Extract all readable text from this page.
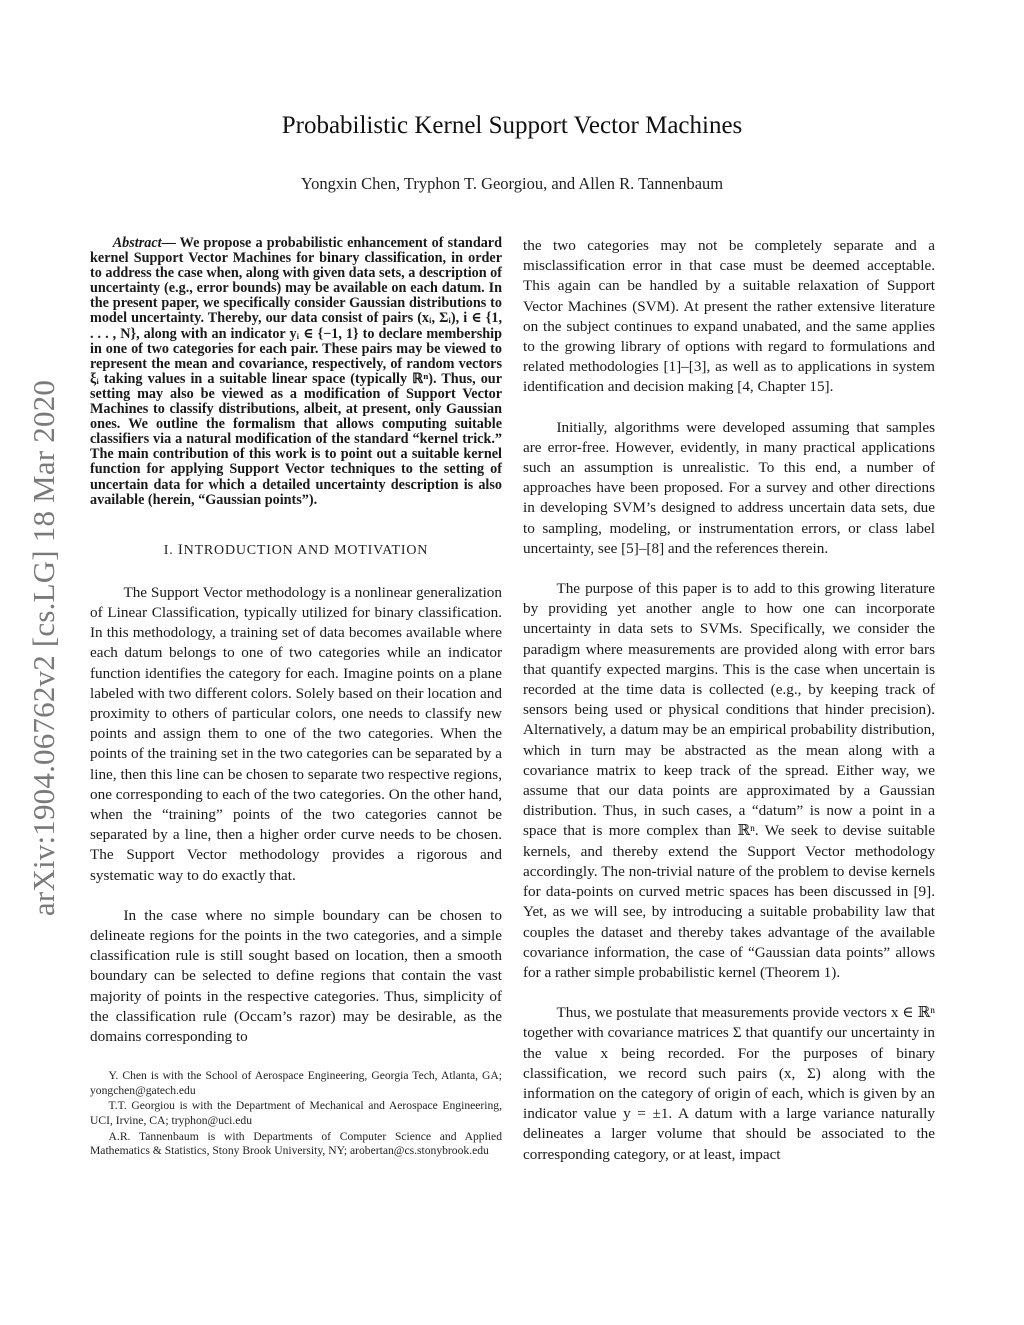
arXiv:1904.06762v2 [cs.LG] 18 Mar 2020
Probabilistic Kernel Support Vector Machines
Yongxin Chen, Tryphon T. Georgiou, and Allen R. Tannenbaum

Abstract— We propose a probabilistic enhancement of standard kernel Support Vector Machines for binary classification, in order to address the case when, along with given data sets, a description of uncertainty (e.g., error bounds) may be available on each datum. In the present paper, we specifically consider Gaussian distributions to model uncertainty. Thereby, our data consist of pairs (xᵢ, Σᵢ), i ∈ {1, . . . , N}, along with an indicator yᵢ ∈ {−1, 1} to declare membership in one of two categories for each pair. These pairs may be viewed to represent the mean and covariance, respectively, of random vectors ξᵢ taking values in a suitable linear space (typically ℝⁿ). Thus, our setting may also be viewed as a modification of Support Vector Machines to classify distributions, albeit, at present, only Gaussian ones. We outline the formalism that allows computing suitable classifiers via a natural modification of the standard “kernel trick.” The main contribution of this work is to point out a suitable kernel function for applying Support Vector techniques to the setting of uncertain data for which a detailed uncertainty description is also available (herein, “Gaussian points”).

I. INTRODUCTION AND MOTIVATION

The Support Vector methodology is a nonlinear generalization of Linear Classification, typically utilized for binary classification. In this methodology, a training set of data becomes available where each datum belongs to one of two categories while an indicator function identifies the category for each. Imagine points on a plane labeled with two different colors. Solely based on their location and proximity to others of particular colors, one needs to classify new points and assign them to one of the two categories. When the points of the training set in the two categories can be separated by a line, then this line can be chosen to separate two respective regions, one corresponding to each of the two categories. On the other hand, when the “training” points of the two categories cannot be separated by a line, then a higher order curve needs to be chosen. The Support Vector methodology provides a rigorous and systematic way to do exactly that.

In the case where no simple boundary can be chosen to delineate regions for the points in the two categories, and a simple classification rule is still sought based on location, then a smooth boundary can be selected to define regions that contain the vast majority of points in the respective categories. Thus, simplicity of the classification rule (Occam’s razor) may be desirable, as the domains corresponding to

Y. Chen is with the School of Aerospace Engineering, Georgia Tech, Atlanta, GA; yongchen@gatech.edu

T.T. Georgiou is with the Department of Mechanical and Aerospace Engineering, UCI, Irvine, CA; tryphon@uci.edu

A.R. Tannenbaum is with Departments of Computer Science and Applied Mathematics & Statistics, Stony Brook University, NY; arobertan@cs.stonybrook.edu

the two categories may not be completely separate and a misclassification error in that case must be deemed acceptable. This again can be handled by a suitable relaxation of Support Vector Machines (SVM). At present the rather extensive literature on the subject continues to expand unabated, and the same applies to the growing library of options with regard to formulations and related methodologies [1]–[3], as well as to applications in system identification and decision making [4, Chapter 15].

Initially, algorithms were developed assuming that samples are error-free. However, evidently, in many practical applications such an assumption is unrealistic. To this end, a number of approaches have been proposed. For a survey and other directions in developing SVM’s designed to address uncertain data sets, due to sampling, modeling, or instrumentation errors, or class label uncertainty, see [5]–[8] and the references therein.

The purpose of this paper is to add to this growing literature by providing yet another angle to how one can incorporate uncertainty in data sets to SVMs. Specifically, we consider the paradigm where measurements are provided along with error bars that quantify expected margins. This is the case when uncertain is recorded at the time data is collected (e.g., by keeping track of sensors being used or physical conditions that hinder precision). Alternatively, a datum may be an empirical probability distribution, which in turn may be abstracted as the mean along with a covariance matrix to keep track of the spread. Either way, we assume that our data points are approximated by a Gaussian distribution. Thus, in such cases, a “datum” is now a point in a space that is more complex than ℝⁿ. We seek to devise suitable kernels, and thereby extend the Support Vector methodology accordingly. The non-trivial nature of the problem to devise kernels for data-points on curved metric spaces has been discussed in [9]. Yet, as we will see, by introducing a suitable probability law that couples the dataset and thereby takes advantage of the available covariance information, the case of “Gaussian data points” allows for a rather simple probabilistic kernel (Theorem 1).

Thus, we postulate that measurements provide vectors x ∈ ℝⁿ together with covariance matrices Σ that quantify our uncertainty in the value x being recorded. For the purposes of binary classification, we record such pairs (x, Σ) along with the information on the category of origin of each, which is given by an indicator value y = ±1. A datum with a large variance naturally delineates a larger volume that should be associated to the corresponding category, or at least, impact
